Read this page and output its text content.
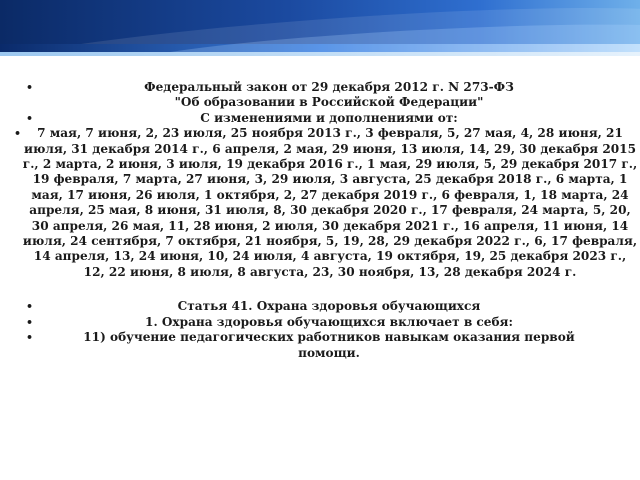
•	Федеральный закон от 29 декабря 2012 г. N 273-ФЗ
"Об образовании в Российской Федерации"
•	С изменениями и дополнениями от:
•	7 мая, 7 июня, 2, 23 июля, 25 ноября 2013 г., 3 февраля, 5, 27 мая, 4, 28 июня, 21 июля, 31 декабря 2014 г., 6 апреля, 2 мая, 29 июня, 13 июля, 14, 29, 30 декабря 2015 г., 2 марта, 2 июня, 3 июля, 19 декабря 2016 г., 1 мая, 29 июля, 5, 29 декабря 2017 г., 19 февраля, 7 марта, 27 июня, 3, 29 июля, 3 августа, 25 декабря 2018 г., 6 марта, 1 мая, 17 июня, 26 июля, 1 октября, 2, 27 декабря 2019 г., 6 февраля, 1, 18 марта, 24 апреля, 25 мая, 8 июня, 31 июля, 8, 30 декабря 2020 г., 17 февраля, 24 марта, 5, 20, 30 апреля, 26 мая, 11, 28 июня, 2 июля, 30 декабря 2021 г., 16 апреля, 11 июня, 14 июля, 24 сентября, 7 октября, 21 ноября, 5, 19, 28, 29 декабря 2022 г., 6, 17 февраля, 14 апреля, 13, 24 июня, 10, 24 июля, 4 августа, 19 октября, 19, 25 декабря 2023 г., 12, 22 июня, 8 июля, 8 августа, 23, 30 ноября, 13, 28 декабря 2024 г.
•	Статья 41. Охрана здоровья обучающихся
•	1. Охрана здоровья обучающихся включает в себя:
•	11) обучение педагогических работников навыкам оказания первой помощи.
